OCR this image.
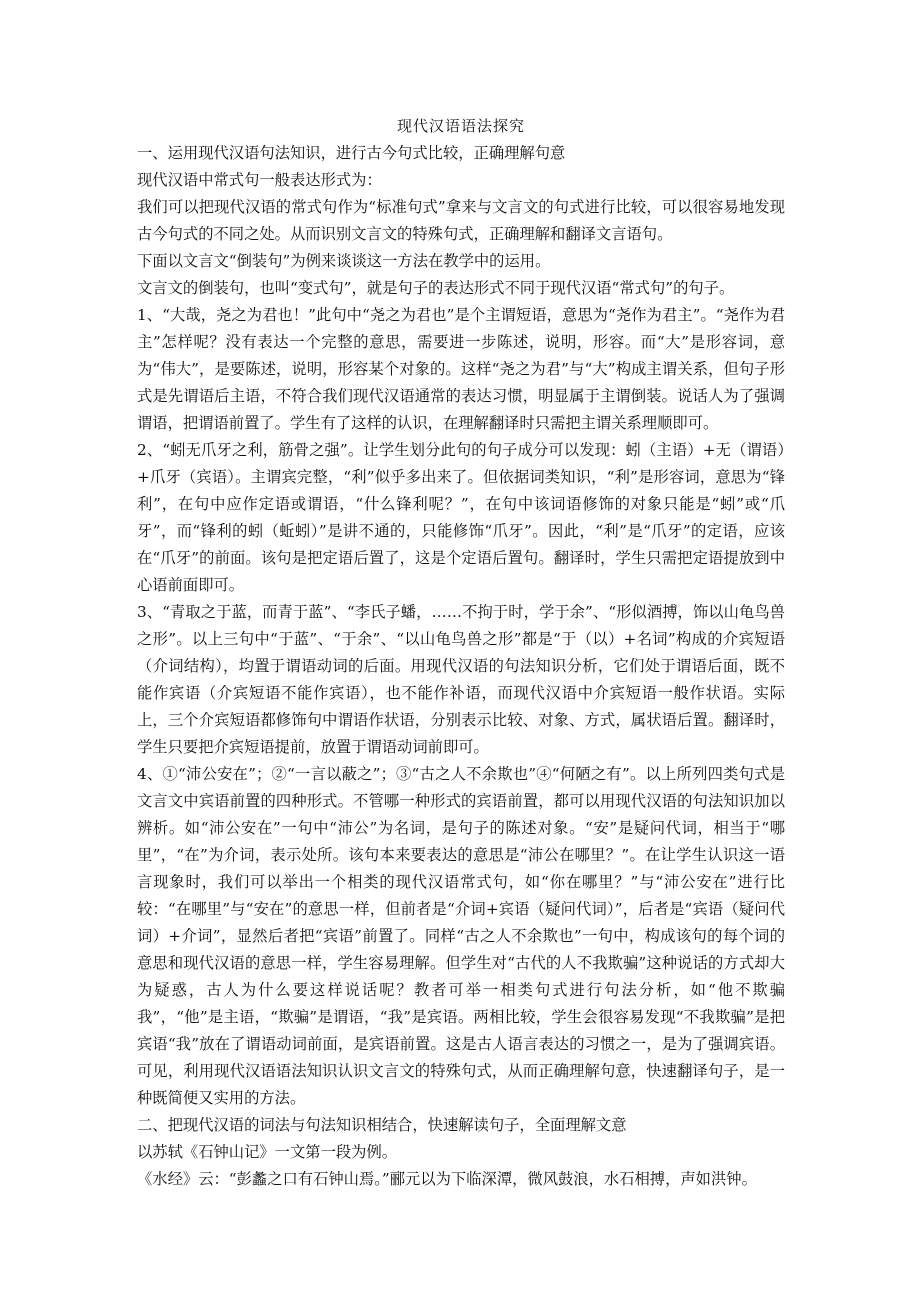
现代汉语语法探究

一、运用现代汉语句法知识，进行古今句式比较，正确理解句意

现代汉语中常式句一般表达形式为：

我们可以把现代汉语的常式句作为“标准句式”拿来与文言文的句式进行比较，可以很容易地发现古今句式的不同之处。从而识别文言文的特殊句式，正确理解和翻译文言语句。

下面以文言文“倒装句”为例来谈谈这一方法在教学中的运用。

文言文的倒装句，也叫“变式句”，就是句子的表达形式不同于现代汉语“常式句”的句子。

1、“大哉，尧之为君也！”此句中“尧之为君也”是个主谓短语，意思为“尧作为君主”。“尧作为君主”怎样呢？没有表达一个完整的意思，需要进一步陈述，说明，形容。而“大”是形容词，意为“伟大”，是要陈述，说明，形容某个对象的。这样“尧之为君”与“大”构成主谓关系，但句子形式是先谓语后主语，不符合我们现代汉语通常的表达习惯，明显属于主谓倒装。说话人为了强调谓语，把谓语前置了。学生有了这样的认识，在理解翻译时只需把主谓关系理顺即可。

2、“蚓无爪牙之利，筋骨之强”。让学生划分此句的句子成分可以发现：蚓（主语）+无（谓语）+爪牙（宾语）。主谓宾完整，“利”似乎多出来了。但依据词类知识，“利”是形容词，意思为“锋利”，在句中应作定语或谓语，“什么锋利呢？”，在句中该词语修饰的对象只能是“蚓”或“爪牙”，而“锋利的蚓（蚯蚓）”是讲不通的，只能修饰“爪牙”。因此，“利”是“爪牙”的定语，应该在“爪牙”的前面。该句是把定语后置了，这是个定语后置句。翻译时，学生只需把定语提放到中心语前面即可。

3、“青取之于蓝，而青于蓝”、“李氏子蟠，……不拘于时，学于余”、“形似酒搏，饰以山龟鸟兽之形”。以上三句中“于蓝”、“于余”、“以山龟鸟兽之形”都是“于（以）+名词”构成的介宾短语（介词结构），均置于谓语动词的后面。用现代汉语的句法知识分析，它们处于谓语后面，既不能作宾语（介宾短语不能作宾语），也不能作补语，而现代汉语中介宾短语一般作状语。实际上，三个介宾短语都修饰句中谓语作状语，分别表示比较、对象、方式，属状语后置。翻译时，学生只要把介宾短语提前，放置于谓语动词前即可。

4、①“沛公安在”；②“一言以蔽之”；③“古之人不余欺也”④“何陋之有”。以上所列四类句式是文言文中宾语前置的四种形式。不管哪一种形式的宾语前置，都可以用现代汉语的句法知识加以辨析。如“沛公安在”一句中“沛公”为名词，是句子的陈述对象。“安”是疑问代词，相当于“哪里”，“在”为介词，表示处所。该句本来要表达的意思是“沛公在哪里？”。在让学生认识这一语言现象时，我们可以举出一个相类的现代汉语常式句，如“你在哪里？”与“沛公安在”进行比较：“在哪里”与“安在”的意思一样，但前者是“介词+宾语（疑问代词）”，后者是“宾语（疑问代词）+介词”，显然后者把“宾语”前置了。同样“古之人不余欺也”一句中，构成该句的每个词的意思和现代汉语的意思一样，学生容易理解。但学生对“古代的人不我欺骗”这种说话的方式却大为疑惑，古人为什么要这样说话呢？教者可举一相类句式进行句法分析，如“他不欺骗我”，“他”是主语，“欺骗”是谓语，“我”是宾语。两相比较，学生会很容易发现“不我欺骗”是把宾语“我”放在了谓语动词前面，是宾语前置。这是古人语言表达的习惯之一，是为了强调宾语。可见，利用现代汉语语法知识认识文言文的特殊句式，从而正确理解句意，快速翻译句子，是一种既简便又实用的方法。

二、把现代汉语的词法与句法知识相结合，快速解读句子，全面理解文意

以苏轼《石钟山记》一文第一段为例。

《水经》云：“彭蠡之口有石钟山焉。”郦元以为下临深潭，微风鼓浪，水石相搏，声如洪钟。
